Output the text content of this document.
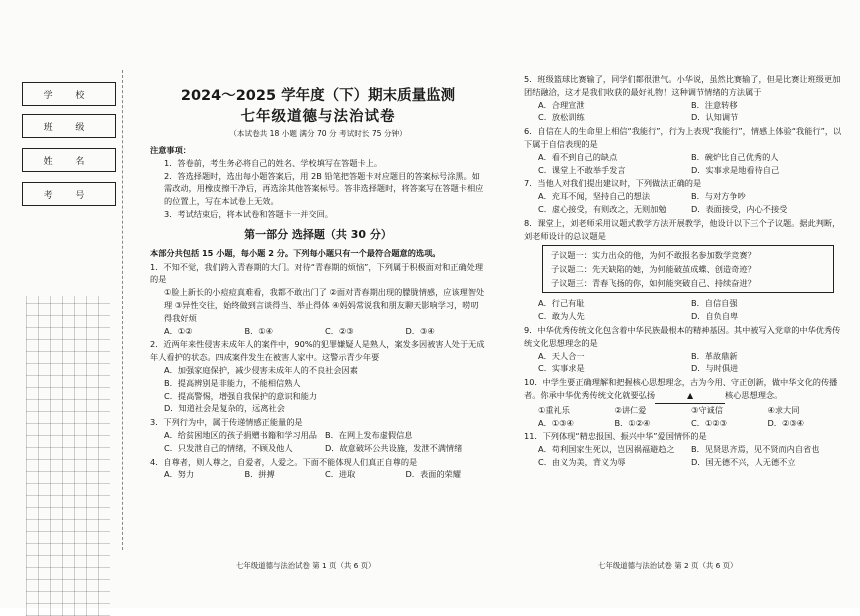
学 校
班 级
姓 名
考 号
2024～2025 学年度（下）期末质量监测
七年级道德与法治试卷
（本试卷共 18 小题 满分 70 分 考试时长 75 分钟）
注意事项：
1．答卷前，考生务必将自己的姓名、学校填写在答题卡上。
2．答选择题时，选出每小题答案后，用 2B 铅笔把答题卡对应题目的答案标号涂黑。如需改动，用橡皮擦干净后，再选涂其他答案标号。答非选择题时，将答案写在答题卡相应的位置上，写在本试卷上无效。
3．考试结束后，将本试卷和答题卡一并交回。
第一部分 选择题（共 30 分）
本部分共包括 15 小题，每小题 2 分。下列每小题只有一个最符合题意的选项。
1．不知不觉，我们跨入青春期的大门。对待“青春期的烦恼”，下列属于积极面对和正确处理的是
①脸上新长的小痘痘真难看，我都不敢出门了 ②面对青春期出现的朦胧情感，应该理智处理 ③异性交往，始终做到言谈得当、举止得体 ④妈妈常说我和朋友聊天影响学习，唠叨得我好烦
A．①②	B．①④	C．②③	D．③④
2．近两年来性侵害未成年人的案件中，90%的犯罪嫌疑人是熟人，案发多因被害人处于无成年人看护的状态。四成案件发生在被害人家中。这警示青少年要
A．加强家庭保护，减少侵害未成年人的不良社会因素
B．提高辨别是非能力，不能相信熟人
C．提高警惕，增强自我保护的意识和能力
D．知道社会是复杂的，远离社会
3．下列行为中，属于传递情感正能量的是
A．给贫困地区的孩子捐赠书籍和学习用品 B．在网上发布虚假信息
C．只发泄自己的情绪，不顾及他人	D．故意破坏公共设施，发泄不满情绪
4．自尊者，则人尊之，自爱者，人爱之。下面不能体现人们真正自尊的是
A．努力	B．拼搏	C．进取	D．表面的荣耀
5．班级篮球比赛输了，同学们都很泄气。小华说，虽然比赛输了，但是比赛让班级更加团结融洽，这才是我们收获的最好礼物！这种调节情绪的方法属于
A．合理宣泄	B．注意转移
C．放松训练	D．认知调节
6．自信在人的生命里上相信“我能行”，行为上表现“我能行”，情感上体验“我能行”，以下属于自信表现的是
A．看不到自己的缺点	B．碗炉比自己优秀的人
C．课堂上不敢举手发言	D．实事求是地看待自己
7．当他人对我们提出建议时，下列做法正确的是
A．充耳不闻，坚持自己的想法	B．与对方争吵
C．虚心接受，有则改之，无则加勉	D．表面接受，内心不接受
8．课堂上，刘老师采用议题式教学方法开展教学，他设计以下三个子议题。据此判断，刘老师设计的总议题是
子议题一：实力出众的他，为何不敢报名参加数学竞赛？
子议题二：先天缺陷的她，为何能破茧成蝶、创造奇迹？
子议题三：青春飞扬的你，如何能突破自己、持续奋进？
A．行己有耻	B．自信自强
C．敢为人先	D．自负自卑
9．中华优秀传统文化包含着中华民族最根本的精神基因。其中被写入党章的中华优秀传统文化思想理念的是
A．天人合一	B．革故鼎新
C．实事求是	D．与时俱进
10．中学生要正确理解和把握核心思想理念，古为今用、守正创新，做中华文化的传播者。你承中华优秀传统文化就要弘扬	▲	核心思想理念。
①重礼乐	②讲仁爱	③守诚信	④求大同
A．①③④	B．①②④	C．①②③	D．②③④
11．下列体现“精忠报国、振兴中华”爱国情怀的是
A．苟利国家生死以，岂因祸福避趋之	B．见贤思齐焉，见不贤而内自省也
C．由义为美，背义为辱	D．国无德不兴，人无德不立
七年级道德与法治试卷 第 1 页（共 6 页）	七年级道德与法治试卷 第 2 页（共 6 页）
